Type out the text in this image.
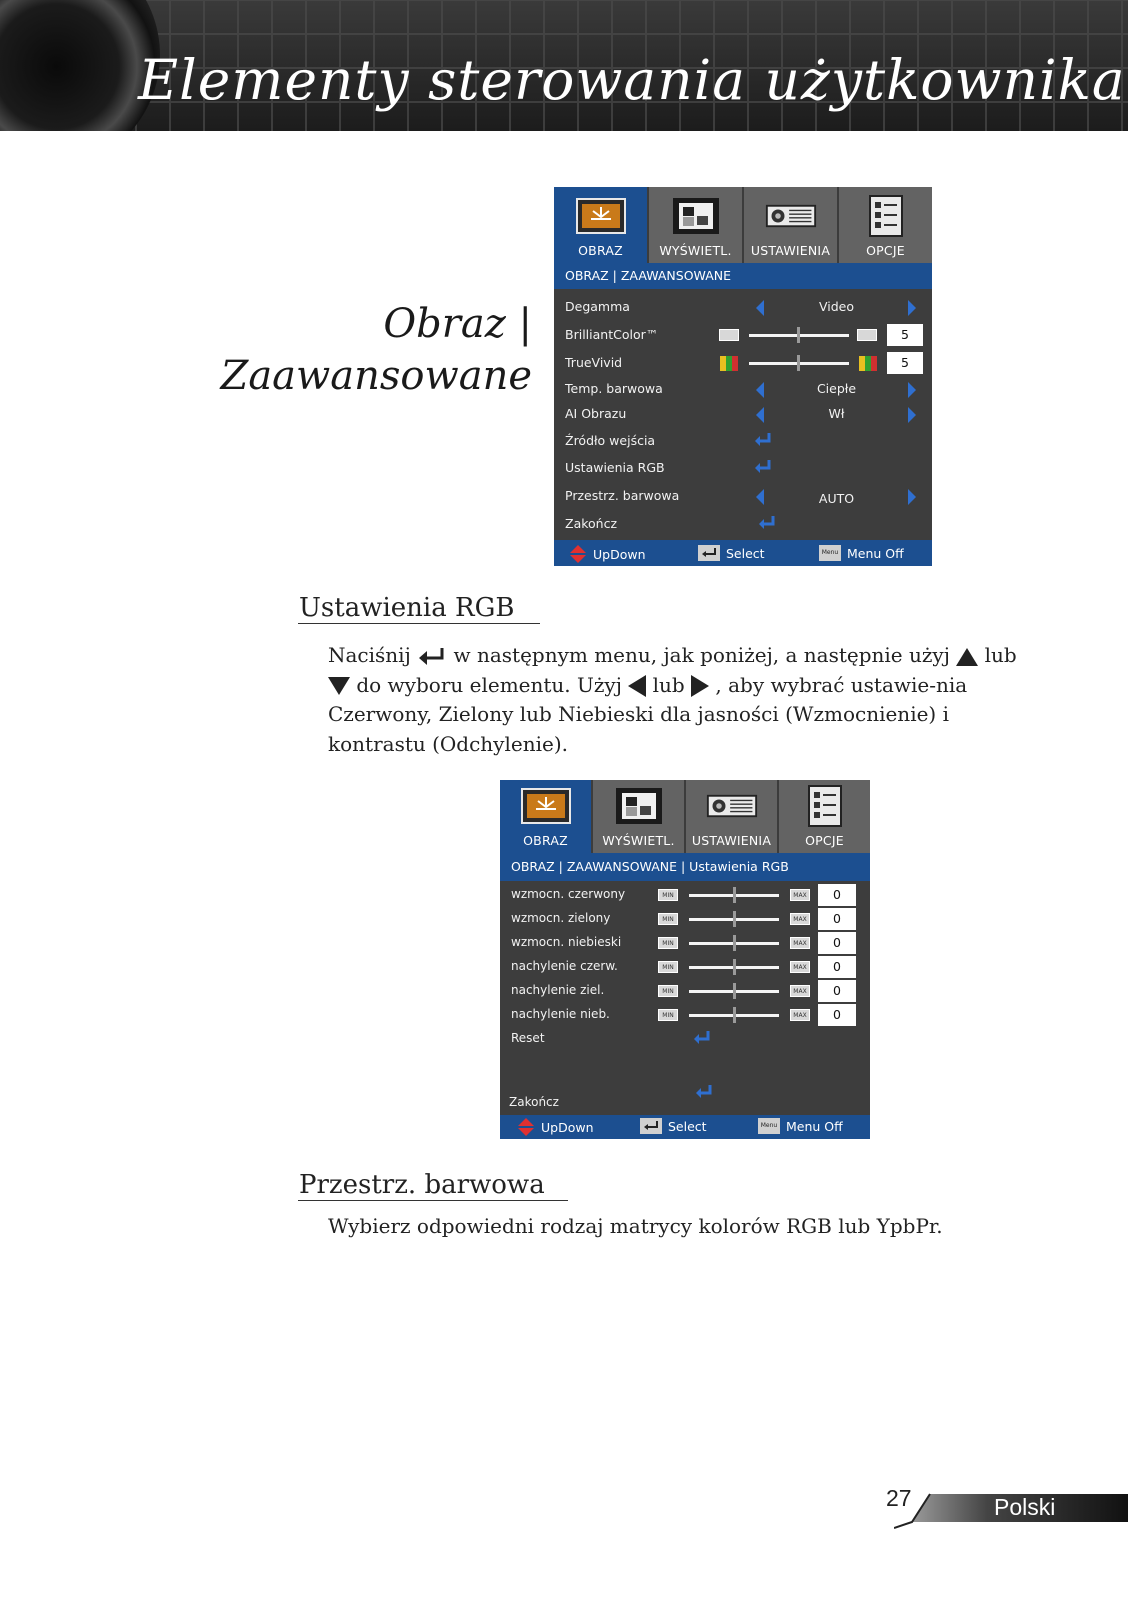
Elementy sterowania użytkownika
Obraz |
Zaawansowane
OBRAZ	WYŚWIETL. USTAWIENIA	OPCJE
OBRAZ | ZAAWANSOWANE
Degamma	Video
BrilliantColor™	5
TrueVivid	5
Temp. barwowa	Ciepłe
AI Obrazu	Wł
Źródło wejścia
Ustawienia RGB
Przestrz. barwowa	AUTO
Zakończ
UpDown	Select	Menu Menu Off
Ustawienia RGB
Naciśnij  w następnym menu, jak poniżej, a następnie użyj  lub  do wyboru elementu. Użyj  lub  , aby wybrać ustawie-nia Czerwony, Zielony lub Niebieski dla jasności (Wzmocnienie) i kontrastu (Odchylenie).
OBRAZ	WYŚWIETL. USTAWIENIA	OPCJE
OBRAZ | ZAAWANSOWANE | Ustawienia RGB
wzmocn. czerwony	MIN	MAX	0
wzmocn. zielony	MIN	MAX	0
wzmocn. niebieski	MIN	MAX	0
nachylenie czerw.	MIN	MAX	0
nachylenie ziel.	MIN	MAX	0
nachylenie nieb.	MIN	MAX	0
Reset
Zakończ
UpDown	Select	Menu Menu Off
Przestrz. barwowa
Wybierz odpowiedni rodzaj matrycy kolorów RGB lub YpbPr.
27	Polski
